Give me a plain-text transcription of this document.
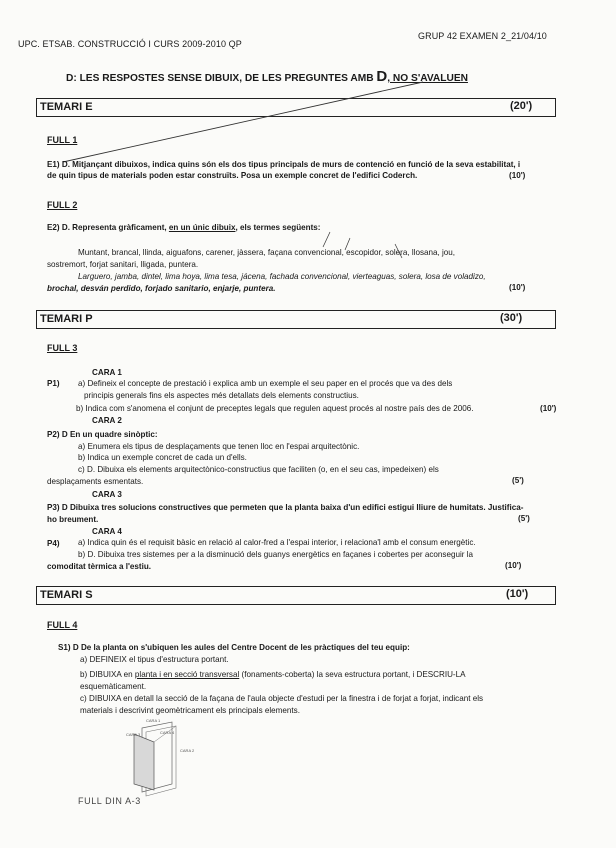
UPC. ETSAB. CONSTRUCCIÓ I CURS 2009-2010 QP
GRUP 42 EXAMEN 2_21/04/10
D: LES RESPOSTES SENSE DIBUIX, DE LES PREGUNTES AMB D, NO S'AVALUEN
TEMARI E	(20')
FULL 1
E1) D. Mitjançant dibuixos, indica quins són els dos tipus principals de murs de contenció en funció de la seva estabilitat, i
de quin tipus de materials poden estar construïts. Posa un exemple concret de l'edifici Coderch.	(10')
FULL 2
E2) D. Representa gràficament, en un únic dibuix, els termes següents:
Muntant, brancal, llinda, aiguafons, carener, jàssera, façana convencional, escopidor, solera, llosana, jou,
sostremort, forjat sanitari, lligada, puntera.
Larguero, jamba, dintel, lima hoya, lima tesa, jácena, fachada convencional, vierteaguas, solera, losa de voladizo,
brochal, desván perdido, forjado sanitario, enjarje, puntera.	(10')
TEMARI P	(30')
FULL 3
CARA 1
P1) a) Defineix el concepte de prestació i explica amb un exemple el seu paper en el procés que va des dels
principis generals fins els aspectes més detallats dels elements constructius.
b) Indica com s'anomena el conjunt de preceptes legals que regulen aquest procés al nostre país des de 2006.	(10')
CARA 2
P2) D En un quadre sinòptic:
a) Enumera els tipus de desplaçaments que tenen lloc en l'espai arquitectònic.
b) Indica un exemple concret de cada un d'ells.
c) D. Dibuixa els elements arquitectònico-constructius que faciliten (o, en el seu cas, impedeixen) els
desplaçaments esmentats.	(5')
CARA 3
P3) D Dibuixa tres solucions constructives que permeten que la planta baixa d'un edifici estigui lliure de humitats. Justifica-
ho breument.	(5')
CARA 4
P4) a) Indica quin és el requisit bàsic en relació al calor-fred a l'espai interior, i relaciona'l amb el consum energètic.
b) D. Dibuixa tres sistemes per a la disminució dels guanys energètics en façanes i cobertes per aconseguir la
comoditat tèrmica a l'estiu.	(10')
TEMARI S	(10')
FULL 4
S1) D De la planta on s'ubiquen les aules del Centre Docent de les pràctiques del teu equip:
a) DEFINEIX el tipus d'estructura portant.
b) DIBUIXA en planta i en secció transversal (fonaments-coberta) la seva estructura portant, i DESCRIU-LA
esquemàticament.
c) DIBUIXA en detall la secció de la façana de l'aula objecte d'estudi per la finestra i de forjat a forjat, indicant els
materials i descrivint geomètricament els principals elements.
CARA 1
CARA 3	CARA 4
CARA 2
FULL DIN A-3
